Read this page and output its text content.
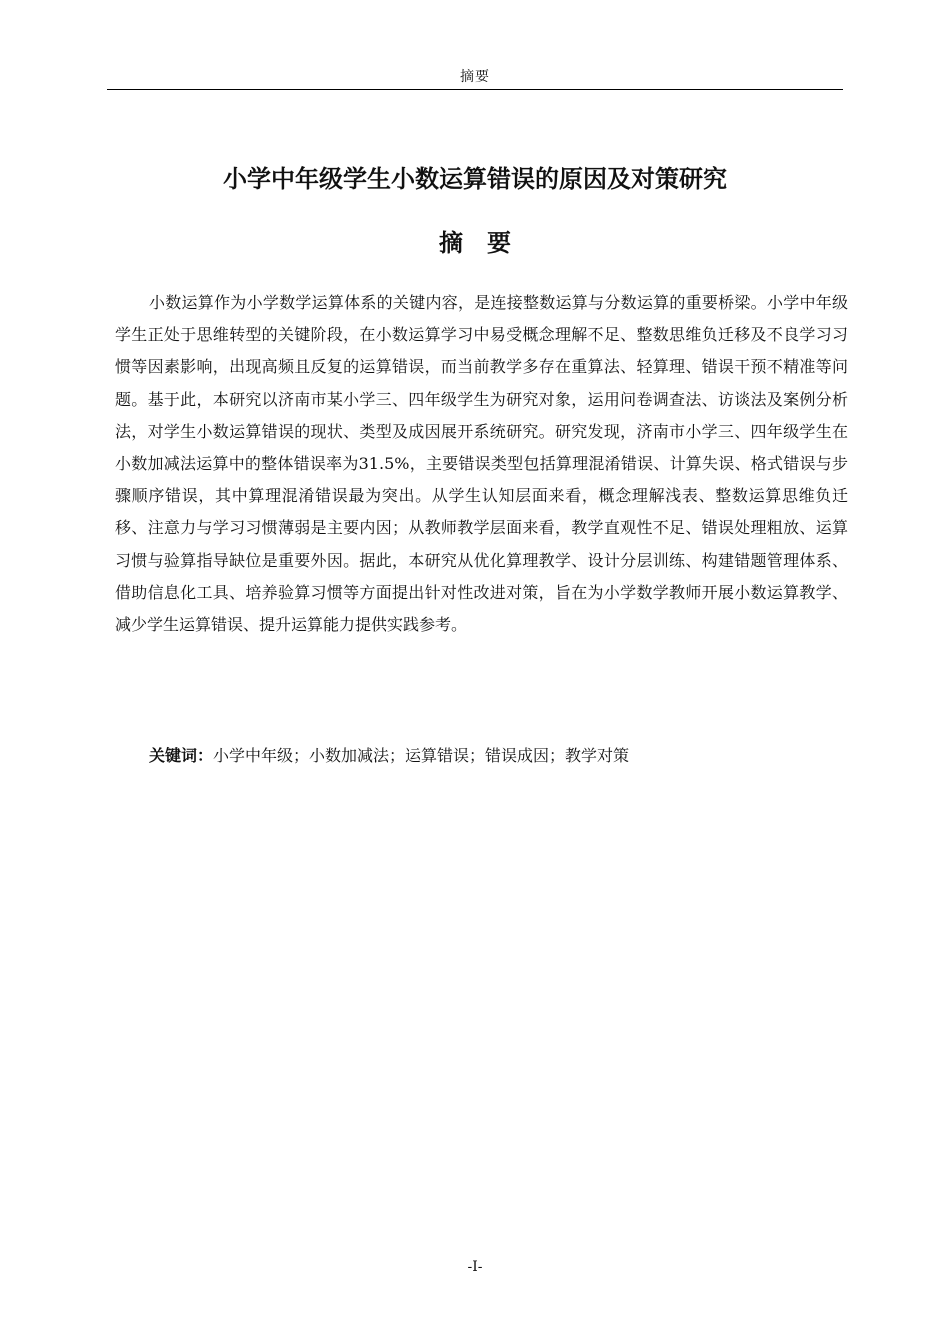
摘要
小学中年级学生小数运算错误的原因及对策研究
摘　要

小数运算作为小学数学运算体系的关键内容，是连接整数运算与分数运算的重要桥梁。小学中年级学生正处于思维转型的关键阶段，在小数运算学习中易受概念理解不足、整数思维负迁移及不良学习习惯等因素影响，出现高频且反复的运算错误，而当前教学多存在重算法、轻算理、错误干预不精准等问题。基于此，本研究以济南市某小学三、四年级学生为研究对象，运用问卷调查法、访谈法及案例分析法，对学生小数运算错误的现状、类型及成因展开系统研究。研究发现，济南市小学三、四年级学生在小数加减法运算中的整体错误率为31.5%，主要错误类型包括算理混淆错误、计算失误、格式错误与步骤顺序错误，其中算理混淆错误最为突出。从学生认知层面来看，概念理解浅表、整数运算思维负迁移、注意力与学习习惯薄弱是主要内因；从教师教学层面来看，教学直观性不足、错误处理粗放、运算习惯与验算指导缺位是重要外因。据此，本研究从优化算理教学、设计分层训练、构建错题管理体系、借助信息化工具、培养验算习惯等方面提出针对性改进对策，旨在为小学数学教师开展小数运算教学、减少学生运算错误、提升运算能力提供实践参考。

关键词：小学中年级；小数加减法；运算错误；错误成因；教学对策
-I-
